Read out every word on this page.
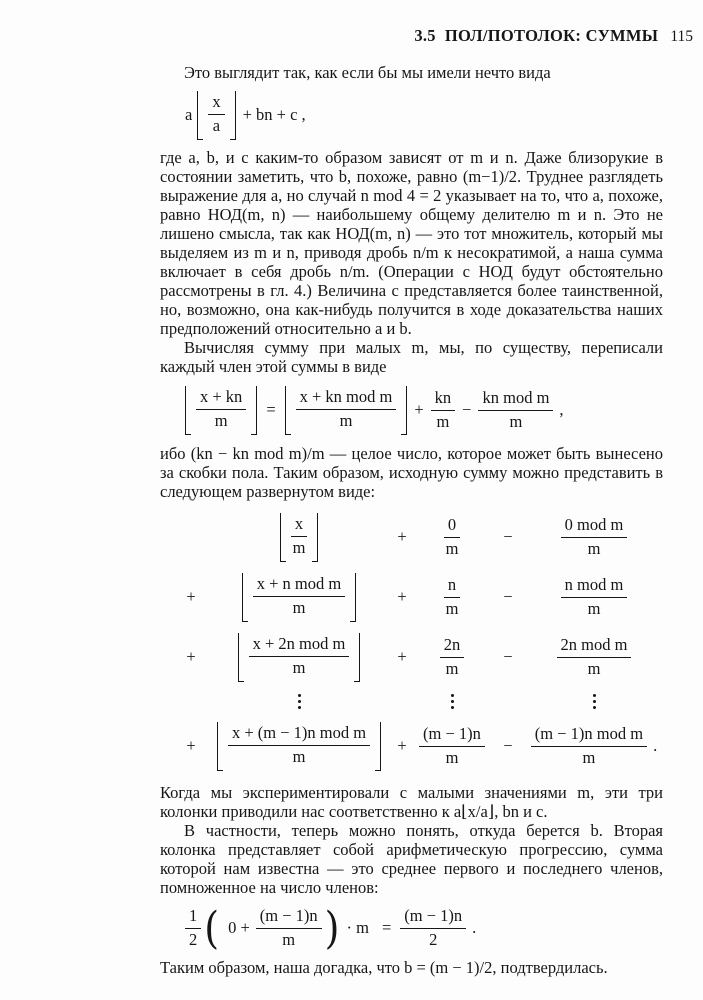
3.5 ПОЛ/ПОТОЛОК: СУММЫ 115

Это выглядит так, как если бы мы имели нечто вида

a $\frac{x}{a}$ + bn + c ,

где a, b, и c каким-то образом зависят от m и n. Даже близорукие в состоянии заметить, что b, похоже, равно (m−1)/2. Труднее разглядеть выражение для a, но случай n mod 4 = 2 указывает на то, что a, похоже, равно НОД(m, n) — наибольшему общему делителю m и n. Это не лишено смысла, так как НОД(m, n) — это тот множитель, который мы выделяем из m и n, приводя дробь n/m к несократимой, а наша сумма включает в себя дробь n/m. (Операции с НОД будут обстоятельно рассмотрены в гл. 4.) Величина c представляется более таинственной, но, возможно, она как-нибудь получится в ходе доказательства наших предположений относительно a и b.

Вычисляя сумму при малых m, мы, по существу, переписали каждый член этой суммы в виде

$\frac{x + kn}{m} = \frac{\text{x + kn mod m}}{m} + \frac{kn}{m} - \frac{\text{kn mod m}}{m}$ ,

ибо (kn − kn mod m)/m — целое число, которое может быть вынесено за скобки пола. Таким образом, исходную сумму можно представить в следующем развернутом виде:

$\frac{x}{m}$	+ $\frac{0}{m}$	−	$\frac{\text{0 mod m}}{m}$
+	$\frac{\text{x + n mod m}}{m}$	+ $\frac{n}{m}$	−	$\frac{\text{n mod m}}{m}$
+	$\frac{\text{x + 2n mod m}}{m}$	+ $\frac{2n}{m}$ −	$\frac{\text{2n mod m}}{m}$
+ $\frac{\text{x + (m − 1)n mod m}}{m} + \frac{(m - 1)n}{m} - \frac{\text{(m − 1)n mod m}}{m}$ .

Когда мы экспериментировали с малыми значениями m, эти три колонки приводили нас соответственно к a⌊x/a⌋, bn и c.

В частности, теперь можно понять, откуда берется b. Вторая колонка представляет собой арифметическую прогрессию, сумма которой нам известна — это среднее первого и последнего членов, помноженное на число членов:

$\frac{1}{2}$ ( $0 + \frac{(m - 1)n}{m}$ ) · $m = \frac{(m - 1)n}{2}$ .

Таким образом, наша догадка, что b = (m − 1)/2, подтвердилась.
